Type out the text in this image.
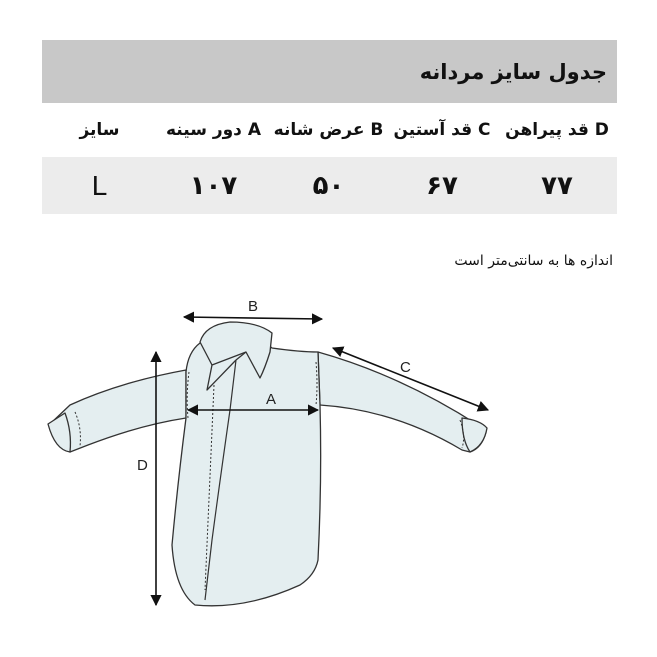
جدول سایز مردانه
D قد پیراهن
C قد آستین
B عرض شانه
A دور سینه
سایز
۷۷
۶۷
۵۰
۱۰۷
L
اندازه ها به سانتی‌متر است
B
A
C
D
